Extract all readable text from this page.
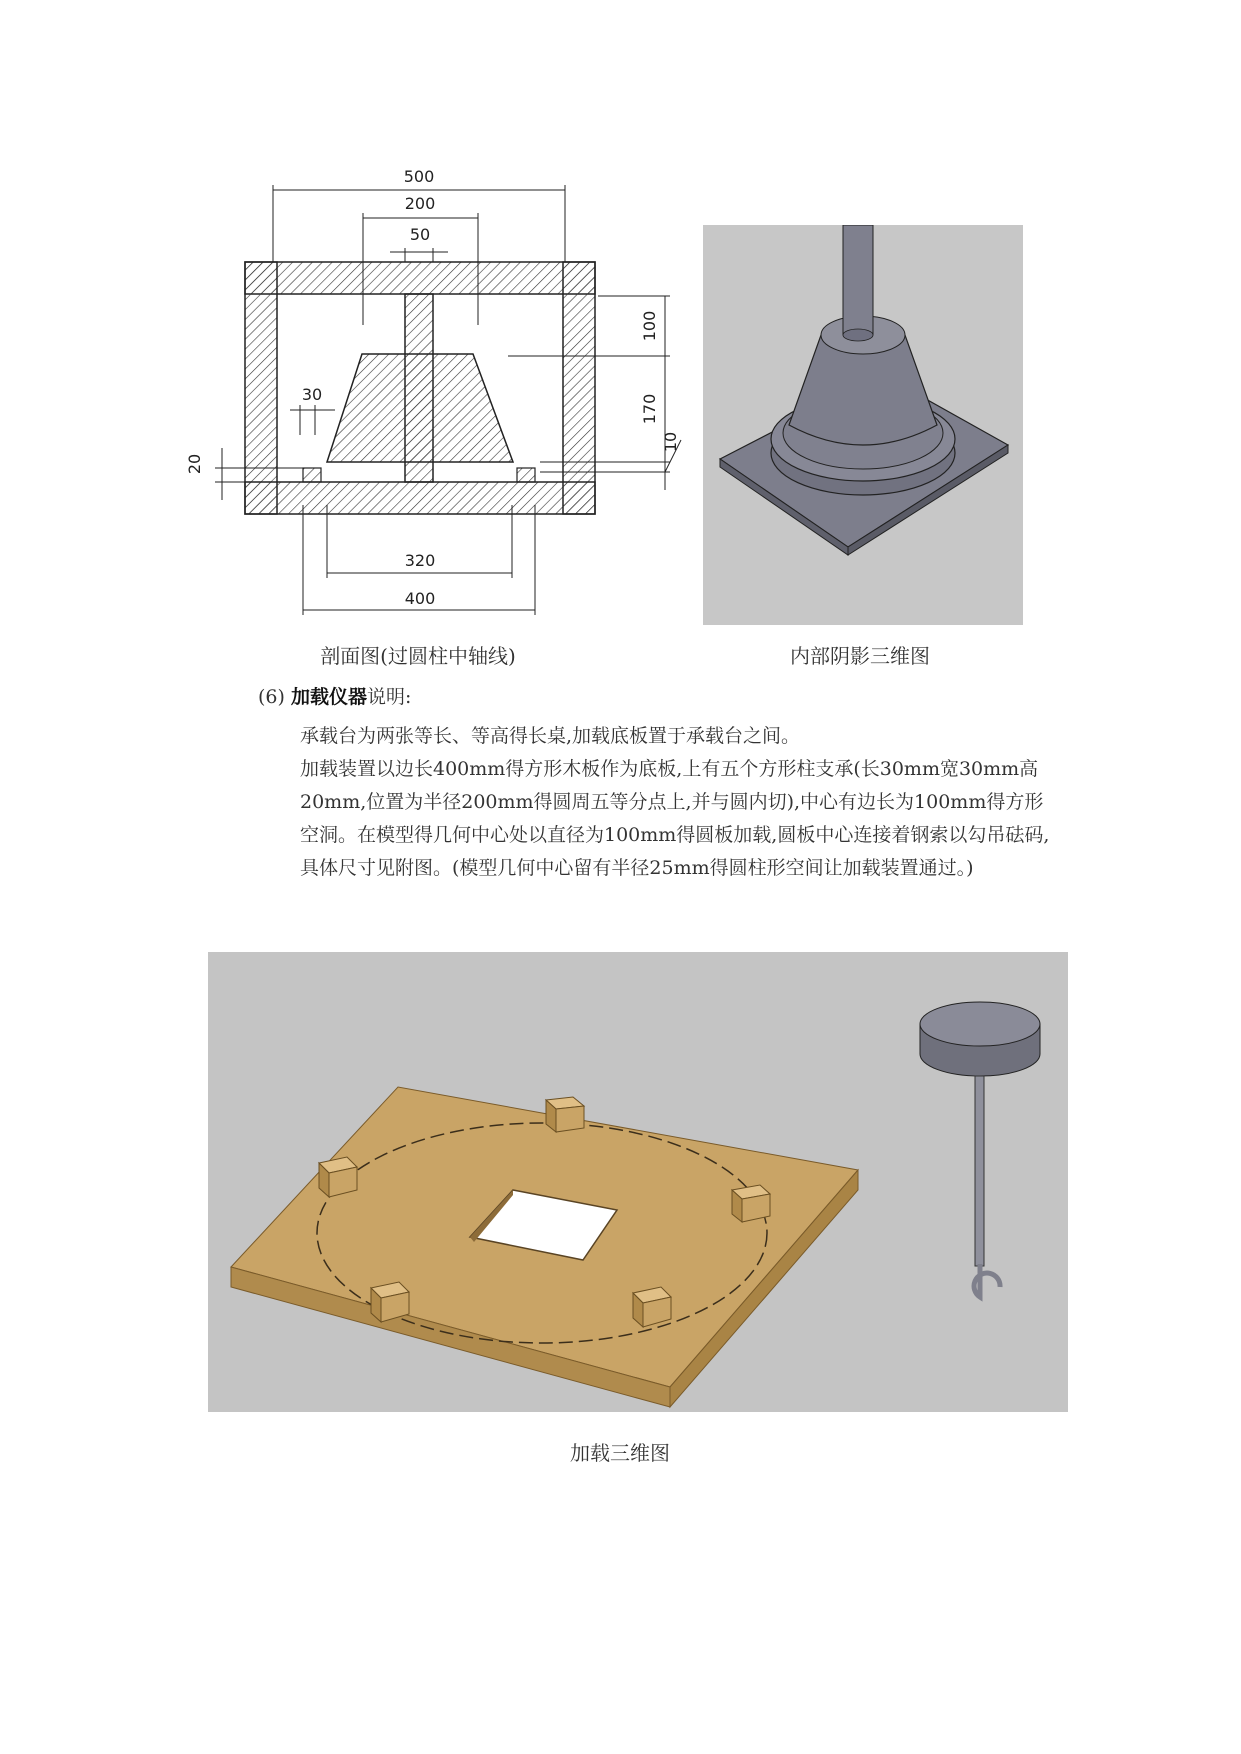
500
200
50
30
100
170
10
20
320
400
剖面图(过圆柱中轴线)	内部阴影三维图
(6) 加载仪器说明:
承载台为两张等长、等高得长桌,加载底板置于承载台之间。
加载装置以边长400mm得方形木板作为底板,上有五个方形柱支承(长30mm宽30mm高20mm,位置为半径200mm得圆周五等分点上,并与圆内切),中心有边长为100mm得方形空洞。在模型得几何中心处以直径为100mm得圆板加载,圆板中心连接着钢索以勾吊砝码,具体尺寸见附图。(模型几何中心留有半径25mm得圆柱形空间让加载装置通过。)
加载三维图
